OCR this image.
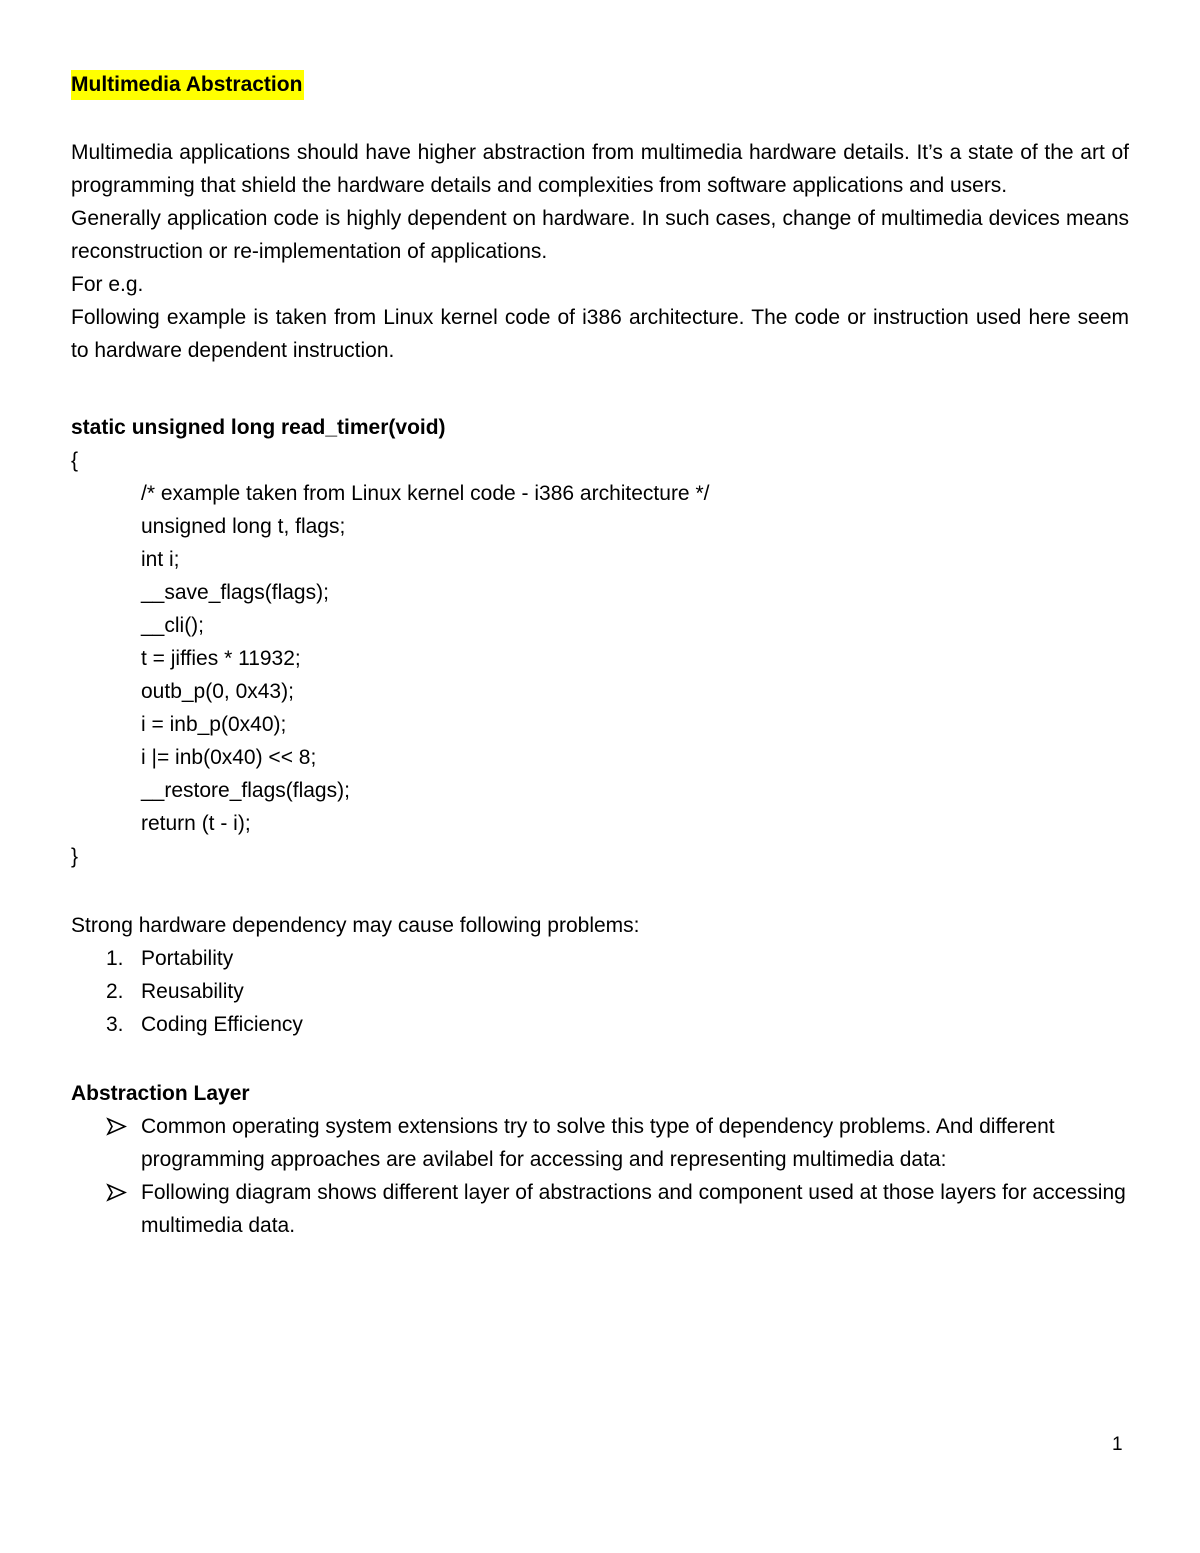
Multimedia Abstraction

Multimedia applications should have higher abstraction from multimedia hardware details. It’s a state of the art of programming that shield the hardware details and complexities from software applications and users.

Generally application code is highly dependent on hardware. In such cases, change of multimedia devices means reconstruction or re-implementation of applications.

For e.g.

Following example is taken from Linux kernel code of i386 architecture. The code or instruction used here seem to hardware dependent instruction.

static unsigned long read_timer(void)
{
/* example taken from Linux kernel code - i386 architecture */
unsigned long t, flags;
int i;
__save_flags(flags);
__cli();
t = jiffies * 11932;
outb_p(0, 0x43);
i = inb_p(0x40);
i |= inb(0x40) << 8;
__restore_flags(flags);
return (t - i);
}
Strong hardware dependency may cause following problems:
1. Portability
2. Reusability
3. Coding Efficiency
Abstraction Layer
Common operating system extensions try to solve this type of dependency problems. And different programming approaches are avilabel for accessing and representing multimedia data:
Following diagram shows different layer of abstractions and component used at those layers for accessing multimedia data.
1
